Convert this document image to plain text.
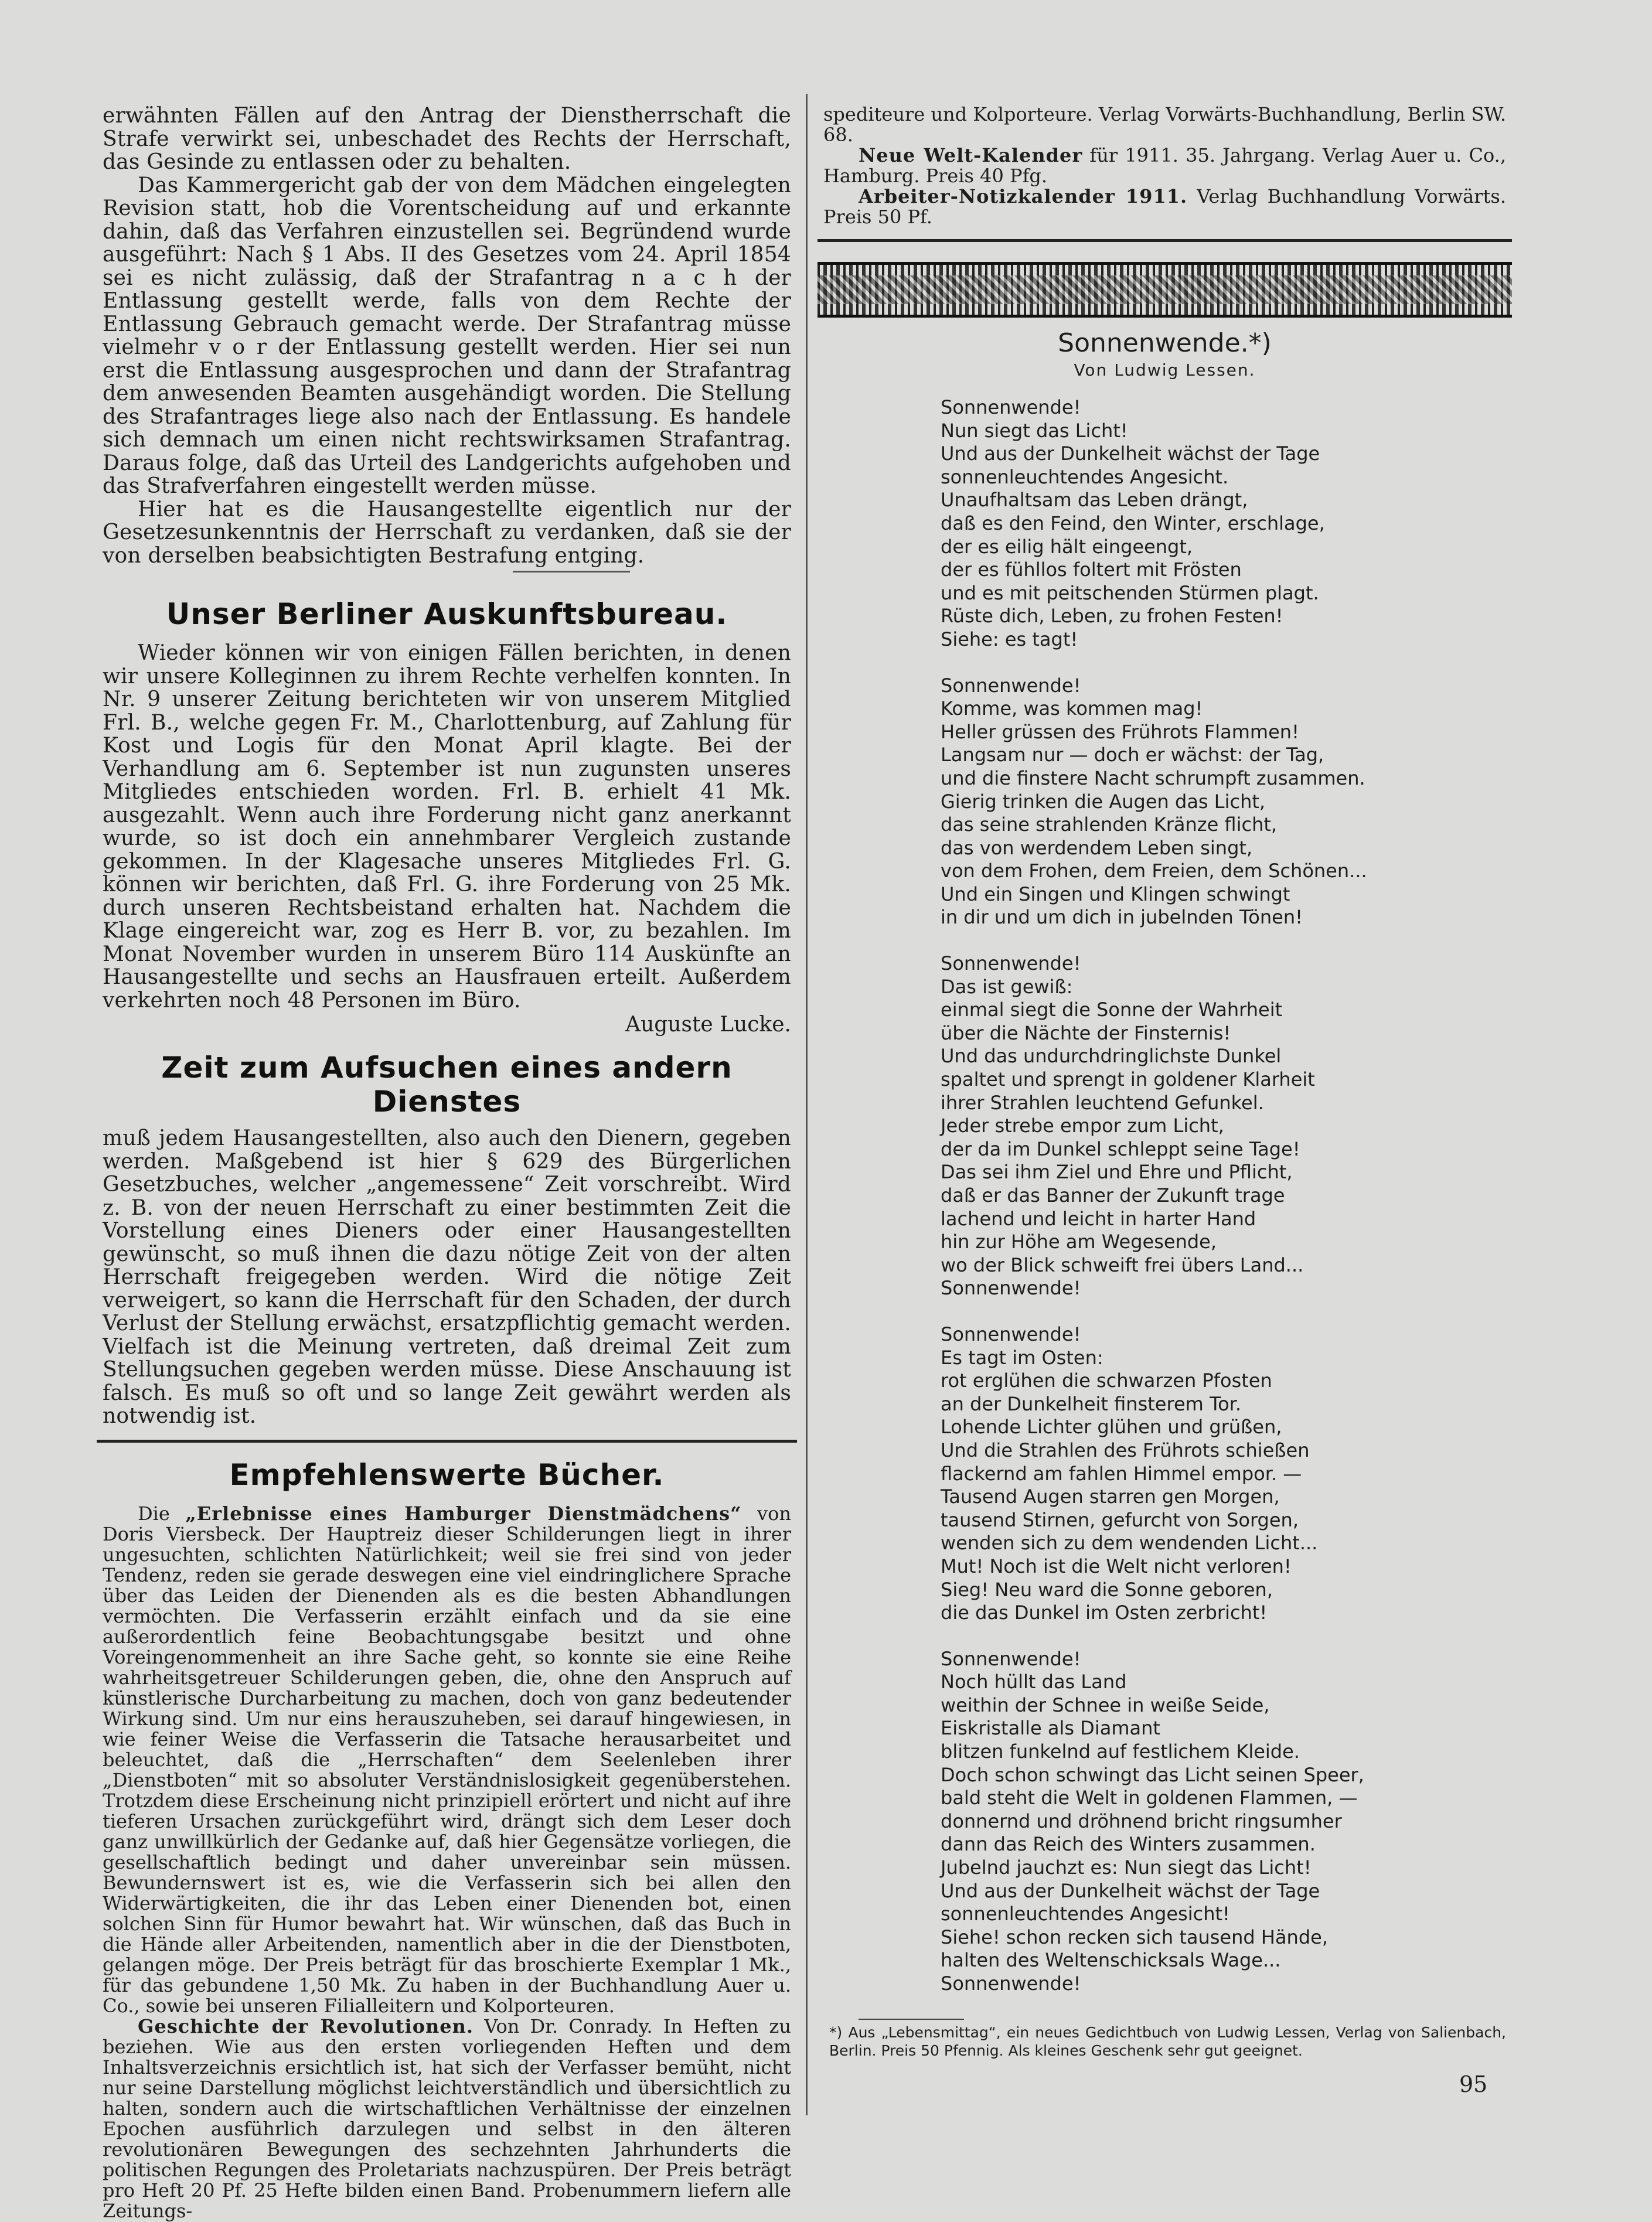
erwähnten Fällen auf den Antrag der Dienstherrschaft die Strafe verwirkt sei, unbeschadet des Rechts der Herrschaft, das Gesinde zu entlassen oder zu behalten.

Das Kammergericht gab der von dem Mädchen eingelegten Revision statt, hob die Vorentscheidung auf und erkannte dahin, daß das Verfahren einzustellen sei. Begründend wurde ausgeführt: Nach § 1 Abs. II des Gesetzes vom 24. April 1854 sei es nicht zulässig, daß der Strafantrag n a c h der Entlassung gestellt werde, falls von dem Rechte der Entlassung Gebrauch gemacht werde. Der Strafantrag müsse vielmehr v o r der Entlassung gestellt werden. Hier sei nun erst die Entlassung ausgesprochen und dann der Strafantrag dem anwesenden Beamten ausgehändigt worden. Die Stellung des Strafantrages liege also nach der Entlassung. Es handele sich demnach um einen nicht rechtswirksamen Strafantrag. Daraus folge, daß das Urteil des Landgerichts aufgehoben und das Strafverfahren eingestellt werden müsse.

Hier hat es die Hausangestellte eigentlich nur der Gesetzesunkenntnis der Herrschaft zu verdanken, daß sie der von derselben beabsichtigten Bestrafung entging.

Unser Berliner Auskunftsbureau.

Wieder können wir von einigen Fällen berichten, in denen wir unsere Kolleginnen zu ihrem Rechte verhelfen konnten. In Nr. 9 unserer Zeitung berichteten wir von unserem Mitglied Frl. B., welche gegen Fr. M., Charlottenburg, auf Zahlung für Kost und Logis für den Monat April klagte. Bei der Verhandlung am 6. September ist nun zugunsten unseres Mitgliedes entschieden worden. Frl. B. erhielt 41 Mk. ausgezahlt. Wenn auch ihre Forderung nicht ganz anerkannt wurde, so ist doch ein annehmbarer Vergleich zustande gekommen. In der Klagesache unseres Mitgliedes Frl. G. können wir berichten, daß Frl. G. ihre Forderung von 25 Mk. durch unseren Rechtsbeistand erhalten hat. Nachdem die Klage eingereicht war, zog es Herr B. vor, zu bezahlen. Im Monat November wurden in unserem Büro 114 Auskünfte an Hausangestellte und sechs an Hausfrauen erteilt. Außerdem verkehrten noch 48 Personen im Büro.

Auguste Lucke.

Zeit zum Aufsuchen eines andern Dienstes

muß jedem Hausangestellten, also auch den Dienern, gegeben werden. Maßgebend ist hier § 629 des Bürgerlichen Gesetzbuches, welcher „angemessene“ Zeit vorschreibt. Wird z. B. von der neuen Herrschaft zu einer bestimmten Zeit die Vorstellung eines Dieners oder einer Hausangestellten gewünscht, so muß ihnen die dazu nötige Zeit von der alten Herrschaft freigegeben werden. Wird die nötige Zeit verweigert, so kann die Herrschaft für den Schaden, der durch Verlust der Stellung erwächst, ersatzpflichtig gemacht werden. Vielfach ist die Meinung vertreten, daß dreimal Zeit zum Stellungsuchen gegeben werden müsse. Diese Anschauung ist falsch. Es muß so oft und so lange Zeit gewährt werden als notwendig ist.

Empfehlenswerte Bücher.

Die „Erlebnisse eines Hamburger Dienstmädchens“ von Doris Viersbeck. Der Hauptreiz dieser Schilderungen liegt in ihrer ungesuchten, schlichten Natürlichkeit; weil sie frei sind von jeder Tendenz, reden sie gerade deswegen eine viel eindringlichere Sprache über das Leiden der Dienenden als es die besten Abhandlungen vermöchten. Die Verfasserin erzählt einfach und da sie eine außerordentlich feine Beobachtungsgabe besitzt und ohne Voreingenommenheit an ihre Sache geht, so konnte sie eine Reihe wahrheitsgetreuer Schilderungen geben, die, ohne den Anspruch auf künstlerische Durcharbeitung zu machen, doch von ganz bedeutender Wirkung sind. Um nur eins herauszuheben, sei darauf hingewiesen, in wie feiner Weise die Verfasserin die Tatsache herausarbeitet und beleuchtet, daß die „Herrschaften“ dem Seelenleben ihrer „Dienstboten“ mit so absoluter Verständnislosigkeit gegenüberstehen. Trotzdem diese Erscheinung nicht prinzipiell erörtert und nicht auf ihre tieferen Ursachen zurückgeführt wird, drängt sich dem Leser doch ganz unwillkürlich der Gedanke auf, daß hier Gegensätze vorliegen, die gesellschaftlich bedingt und daher unvereinbar sein müssen. Bewundernswert ist es, wie die Verfasserin sich bei allen den Widerwärtigkeiten, die ihr das Leben einer Dienenden bot, einen solchen Sinn für Humor bewahrt hat. Wir wünschen, daß das Buch in die Hände aller Arbeitenden, namentlich aber in die der Dienstboten, gelangen möge. Der Preis beträgt für das broschierte Exemplar 1 Mk., für das gebundene 1,50 Mk. Zu haben in der Buchhandlung Auer u. Co., sowie bei unseren Filialleitern und Kolporteuren.

Geschichte der Revolutionen. Von Dr. Conrady. In Heften zu beziehen. Wie aus den ersten vorliegenden Heften und dem Inhaltsverzeichnis ersichtlich ist, hat sich der Verfasser bemüht, nicht nur seine Darstellung möglichst leichtverständlich und übersichtlich zu halten, sondern auch die wirtschaftlichen Verhältnisse der einzelnen Epochen ausführlich darzulegen und selbst in den älteren revolutionären Bewegungen des sechzehnten Jahrhunderts die politischen Regungen des Proletariats nachzuspüren. Der Preis beträgt pro Heft 20 Pf. 25 Hefte bilden einen Band. Probenummern liefern alle Zeitungs-

spediteure und Kolporteure. Verlag Vorwärts-Buchhandlung, Berlin SW. 68.

Neue Welt-Kalender für 1911. 35. Jahrgang. Verlag Auer u. Co., Hamburg. Preis 40 Pfg.

Arbeiter-Notizkalender 1911. Verlag Buchhandlung Vorwärts. Preis 50 Pf.

Sonnenwende.*)
Von Ludwig Lessen.
Sonnenwende!
Nun siegt das Licht!
Und aus der Dunkelheit wächst der Tage
sonnenleuchtendes Angesicht.
Unaufhaltsam das Leben drängt,
daß es den Feind, den Winter, erschlage,
der es eilig hält eingeengt,
der es fühllos foltert mit Frösten
und es mit peitschenden Stürmen plagt.
Rüste dich, Leben, zu frohen Festen!
Siehe: es tagt!
Sonnenwende!
Komme, was kommen mag!
Heller grüssen des Frührots Flammen!
Langsam nur — doch er wächst: der Tag,
und die finstere Nacht schrumpft zusammen.
Gierig trinken die Augen das Licht,
das seine strahlenden Kränze flicht,
das von werdendem Leben singt,
von dem Frohen, dem Freien, dem Schönen...
Und ein Singen und Klingen schwingt
in dir und um dich in jubelnden Tönen!
Sonnenwende!
Das ist gewiß:
einmal siegt die Sonne der Wahrheit
über die Nächte der Finsternis!
Und das undurchdringlichste Dunkel
spaltet und sprengt in goldener Klarheit
ihrer Strahlen leuchtend Gefunkel.
Jeder strebe empor zum Licht,
der da im Dunkel schleppt seine Tage!
Das sei ihm Ziel und Ehre und Pflicht,
daß er das Banner der Zukunft trage
lachend und leicht in harter Hand
hin zur Höhe am Wegesende,
wo der Blick schweift frei übers Land...
Sonnenwende!
Sonnenwende!
Es tagt im Osten:
rot erglühen die schwarzen Pfosten
an der Dunkelheit finsterem Tor.
Lohende Lichter glühen und grüßen,
Und die Strahlen des Frührots schießen
flackernd am fahlen Himmel empor. —
Tausend Augen starren gen Morgen,
tausend Stirnen, gefurcht von Sorgen,
wenden sich zu dem wendenden Licht...
Mut! Noch ist die Welt nicht verloren!
Sieg! Neu ward die Sonne geboren,
die das Dunkel im Osten zerbricht!
Sonnenwende!
Noch hüllt das Land
weithin der Schnee in weiße Seide,
Eiskristalle als Diamant
blitzen funkelnd auf festlichem Kleide.
Doch schon schwingt das Licht seinen Speer,
bald steht die Welt in goldenen Flammen, —
donnernd und dröhnend bricht ringsumher
dann das Reich des Winters zusammen.
Jubelnd jauchzt es: Nun siegt das Licht!
Und aus der Dunkelheit wächst der Tage
sonnenleuchtendes Angesicht!
Siehe! schon recken sich tausend Hände,
halten des Weltenschicksals Wage...
Sonnenwende!

*) Aus „Lebensmittag“, ein neues Gedichtbuch von Ludwig Lessen, Verlag von Salienbach, Berlin. Preis 50 Pfennig. Als kleines Geschenk sehr gut geeignet.

95
